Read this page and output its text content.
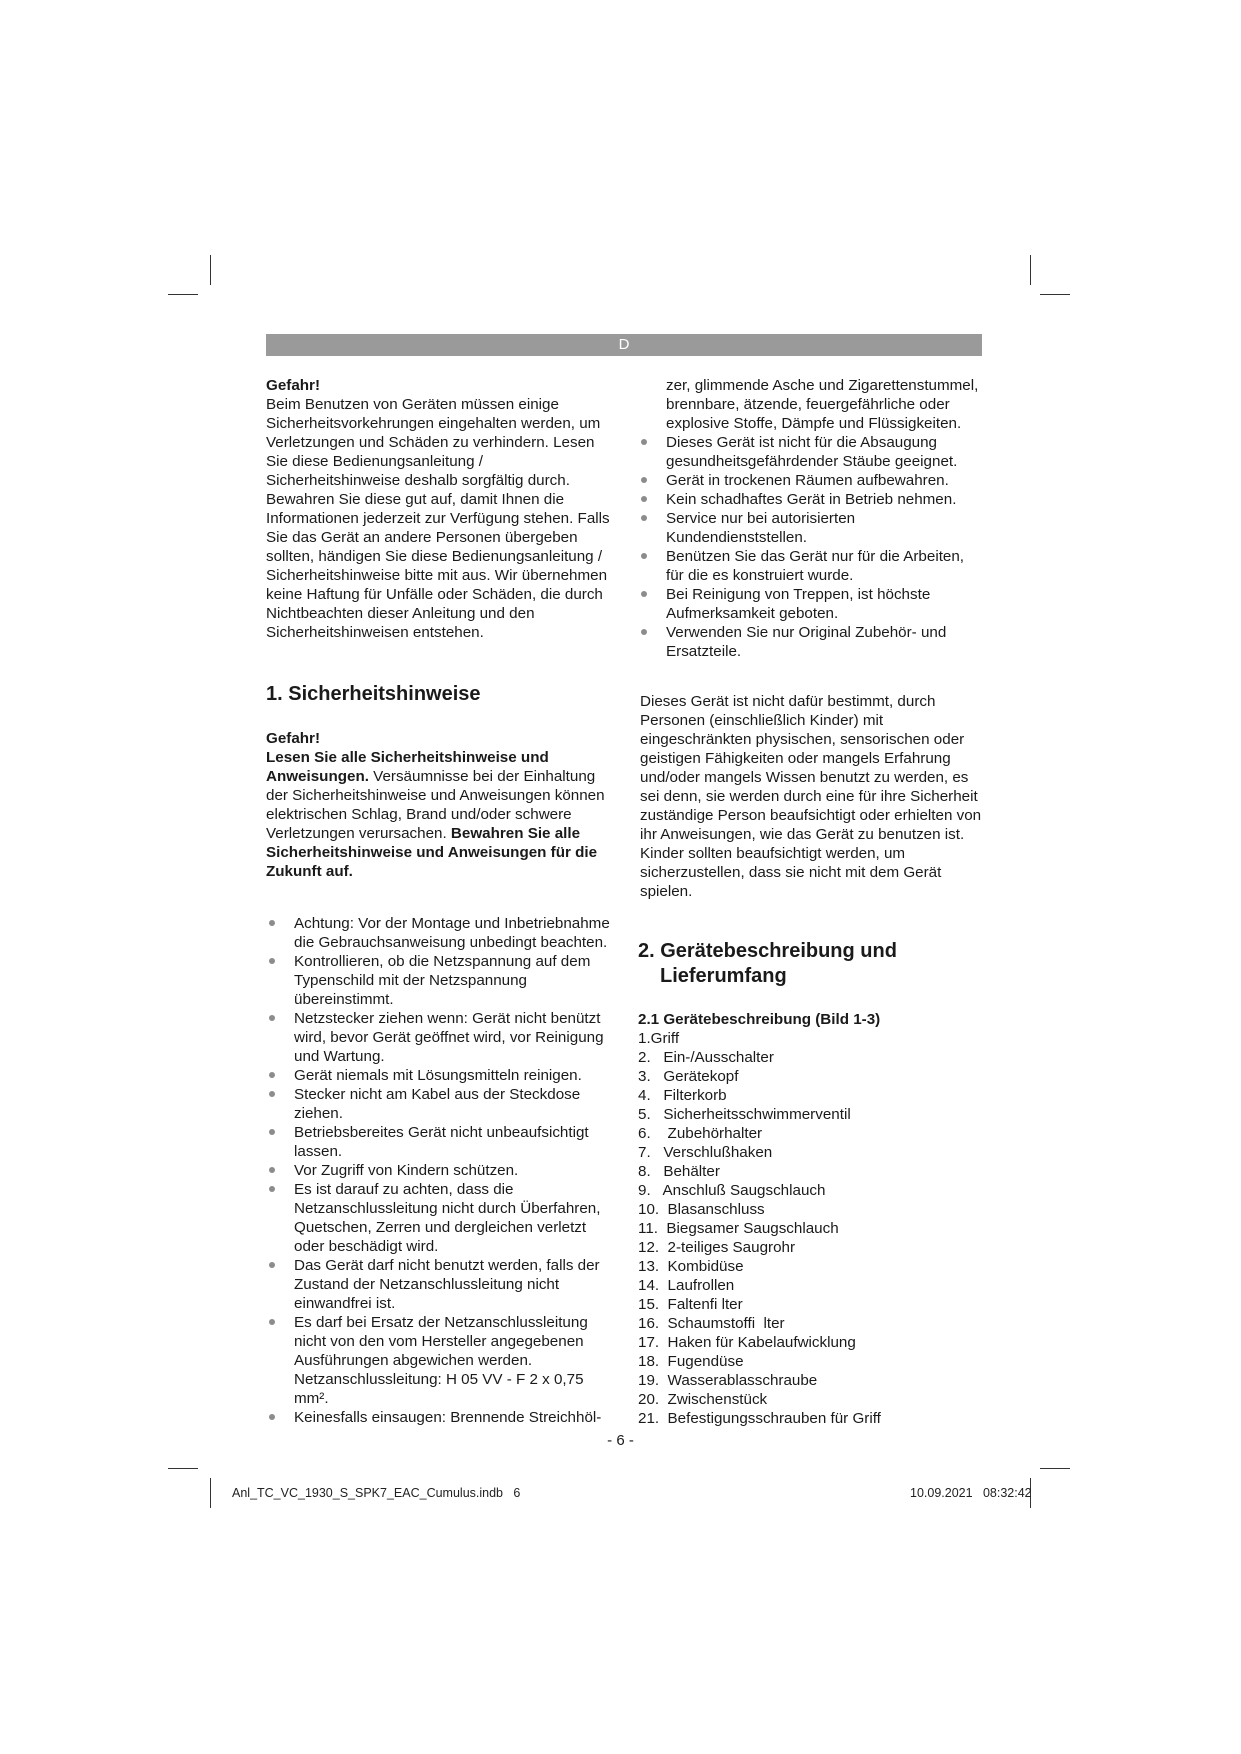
D

Gefahr!

Beim Benutzen von Geräten müssen einige Sicherheitsvorkehrungen eingehalten werden, um Verletzungen und Schäden zu verhindern. Lesen Sie diese Bedienungsanleitung / Sicherheitshinweise deshalb sorgfältig durch. Bewahren Sie diese gut auf, damit Ihnen die Informationen jederzeit zur Verfügung stehen. Falls Sie das Gerät an andere Personen übergeben sollten, händigen Sie diese Bedienungsanleitung / Sicherheitshinweise bitte mit aus. Wir übernehmen keine Haftung für Unfälle oder Schäden, die durch Nichtbeachten dieser Anleitung und den Sicherheitshinweisen entstehen.

1. Sicherheitshinweise

Gefahr!

Lesen Sie alle Sicherheitshinweise und Anweisungen. Versäumnisse bei der Einhaltung der Sicherheitshinweise und Anweisungen können elektrischen Schlag, Brand und/oder schwere Verletzungen verursachen. Bewahren Sie alle Sicherheitshinweise und Anweisungen für die Zukunft auf.

Achtung: Vor der Montage und Inbetriebnahme die Gebrauchsanweisung unbedingt beachten.
Kontrollieren, ob die Netzspannung auf dem Typenschild mit der Netzspannung übereinstimmt.
Netzstecker ziehen wenn: Gerät nicht benützt wird, bevor Gerät geöffnet wird, vor Reinigung und Wartung.
Gerät niemals mit Lösungsmitteln reinigen.
Stecker nicht am Kabel aus der Steckdose ziehen.
Betriebsbereites Gerät nicht unbeaufsichtigt lassen.
Vor Zugriff von Kindern schützen.
Es ist darauf zu achten, dass die Netzanschlussleitung nicht durch Überfahren, Quetschen, Zerren und dergleichen verletzt oder beschädigt wird.
Das Gerät darf nicht benutzt werden, falls der Zustand der Netzanschlussleitung nicht einwandfrei ist.
Es darf bei Ersatz der Netzanschlussleitung nicht von den vom Hersteller angegebenen Ausführungen abgewichen werden. Netzanschlussleitung: H 05 VV - F 2 x 0,75 mm².
Keinesfalls einsaugen: Brennende Streichhöl-

zer, glimmende Asche und Zigarettenstummel, brennbare, ätzende, feuergefährliche oder explosive Stoffe, Dämpfe und Flüssigkeiten.

Dieses Gerät ist nicht für die Absaugung gesundheitsgefährdender Stäube geeignet.
Gerät in trockenen Räumen aufbewahren.
Kein schadhaftes Gerät in Betrieb nehmen.
Service nur bei autorisierten Kundendienststellen.
Benützen Sie das Gerät nur für die Arbeiten, für die es konstruiert wurde.
Bei Reinigung von Treppen, ist höchste Aufmerksamkeit geboten.
Verwenden Sie nur Original Zubehör- und Ersatzteile.

Dieses Gerät ist nicht dafür bestimmt, durch Personen (einschließlich Kinder) mit eingeschränkten physischen, sensorischen oder geistigen Fähigkeiten oder mangels Erfahrung und/oder mangels Wissen benutzt zu werden, es sei denn, sie werden durch eine für ihre Sicherheit zuständige Person beaufsichtigt oder erhielten von ihr Anweisungen, wie das Gerät zu benutzen ist. Kinder sollten beaufsichtigt werden, um sicherzustellen, dass sie nicht mit dem Gerät spielen.

2. Gerätebeschreibung und

Lieferumfang

2.1 Gerätebeschreibung (Bild 1-3)

1.Griff
2.   Ein-/Ausschalter
3.   Gerätekopf
4.   Filterkorb
5.   Sicherheitsschwimmerventil
6.    Zubehörhalter
7.   Verschlußhaken
8.   Behälter
9.   Anschluß Saugschlauch
10.  Blasanschluss
11.  Biegsamer Saugschlauch
12.  2-teiliges Saugrohr
13.  Kombidüse
14.  Laufrollen
15.  Faltenfi lter
16.  Schaumstoffi  lter
17.  Haken für Kabelaufwicklung
18.  Fugendüse
19.  Wasserablasschraube
20.  Zwischenstück
21.  Befestigungsschrauben für Griff
- 6 -
Anl_TC_VC_1930_S_SPK7_EAC_Cumulus.indb   6	10.09.2021   08:32:42
